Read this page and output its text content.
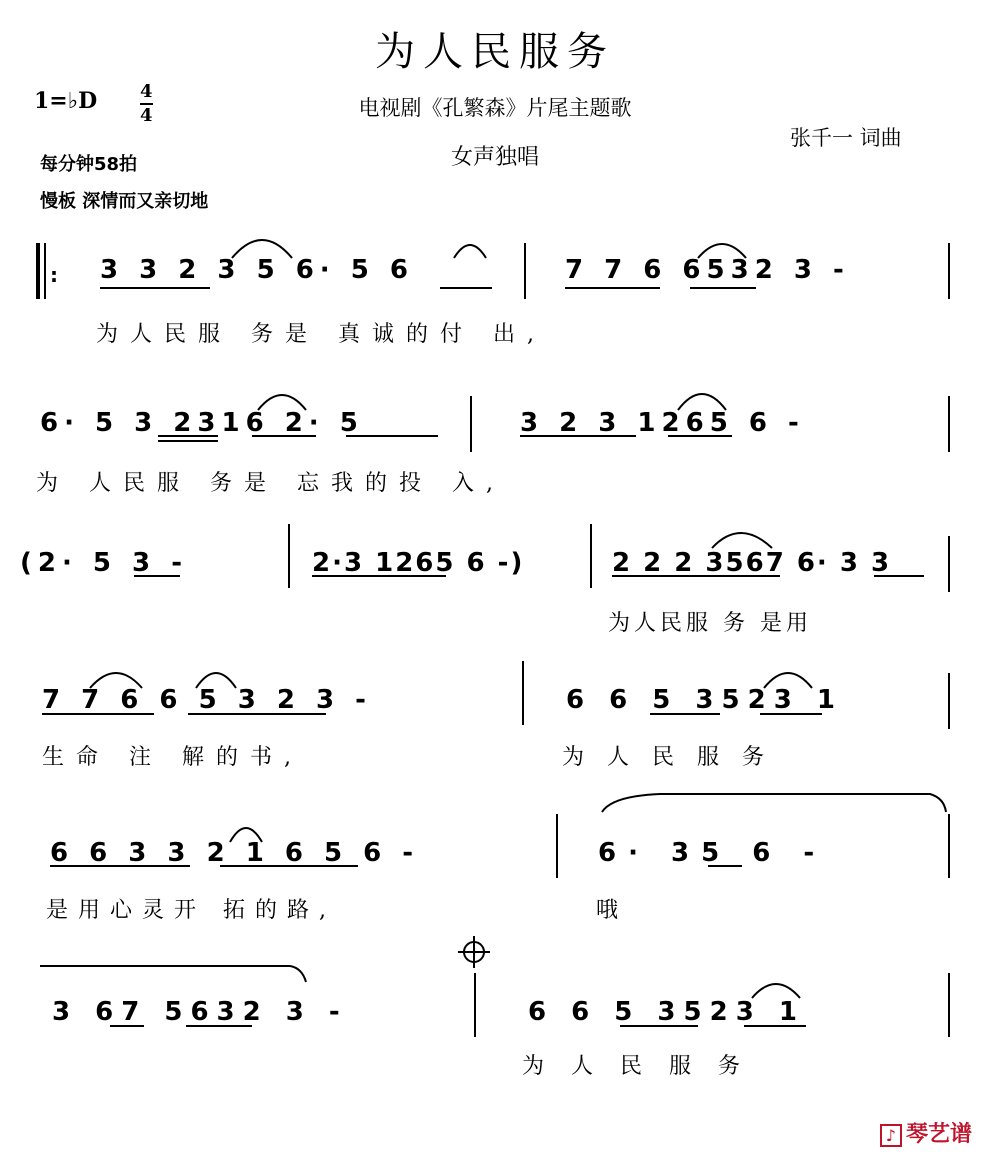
为人民服务
1=♭D 4
4	电视剧《孔繁森》片尾主题歌
女声独唱
张千一 词曲
每分钟58拍
慢板 深情而又亲切地
: 3 3 2 3 5 6· 5 6	7 7 6 6532 3 -
为人民服 务是 真诚的付 出,
6· 5 3 2316 2· 5	3 2 3 1265 6 -
为 人民服 务是 忘我的投 入,
(2· 5 3 -	2·3 1265 6 -)	2 2 2 3567 6· 3 3
为人民服 务 是用
7 7 6 6 5 3 2 3 -	6 6 5 3523 1
生命 注 解的书,	为 人 民 服 务
6 6 3 3 2 1 6 5 6 -	6· 35 6 -
是用心灵开 拓的路,	哦
3 67 5632 3 -	6 6 5 3523 1
为 人 民 服 务
♪ 琴艺谱
